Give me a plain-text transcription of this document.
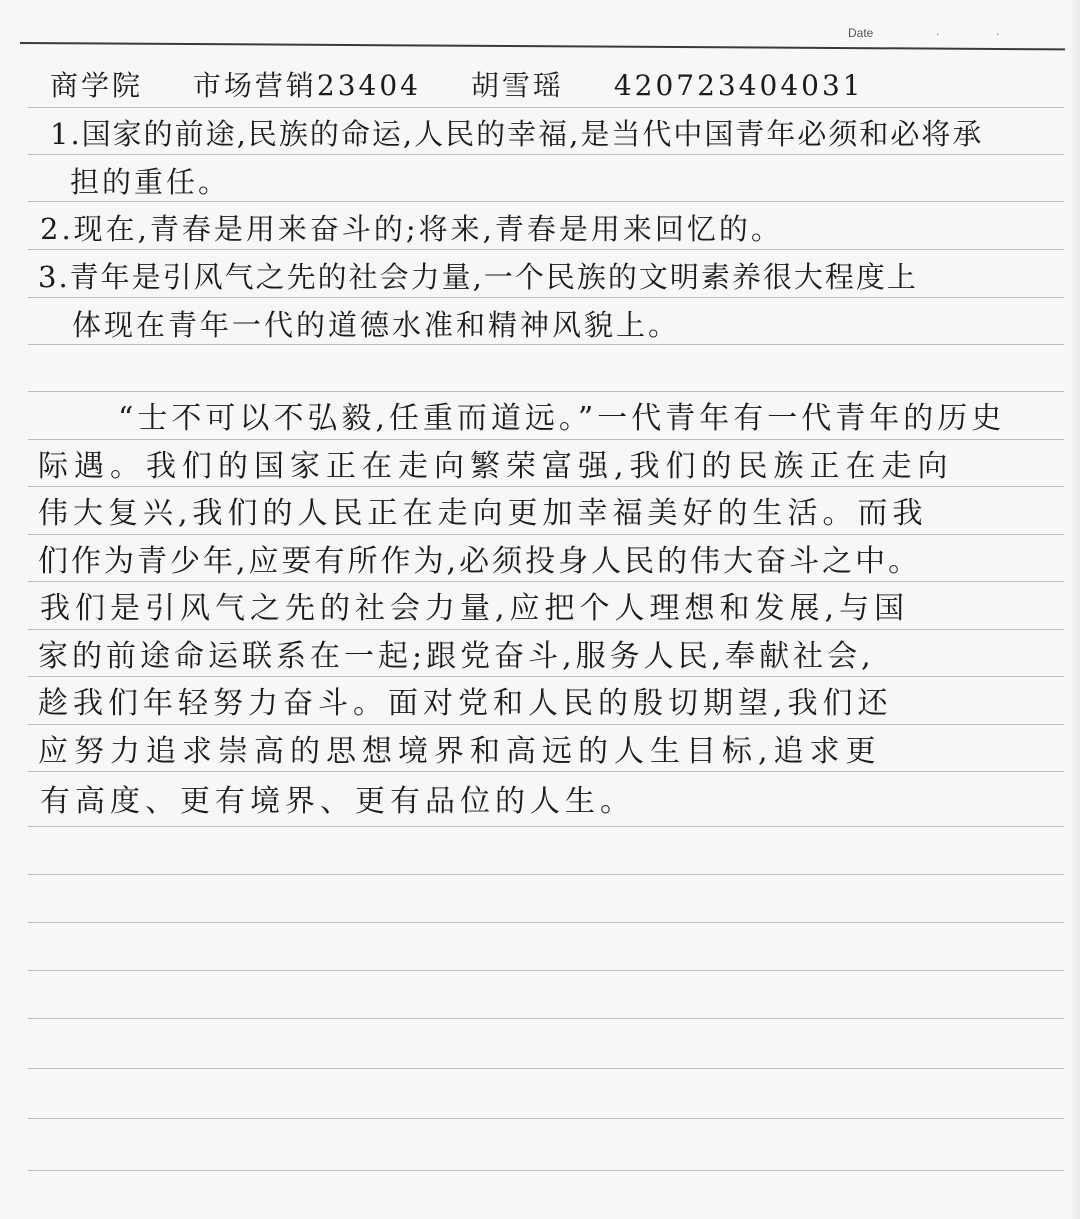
Date	.	.
商学院 市场营销23404 胡雪瑶 420723404031
1.国家的前途,民族的命运,人民的幸福,是当代中国青年必须和必将承
担的重任。
2.现在,青春是用来奋斗的;将来,青春是用来回忆的。
3.青年是引风气之先的社会力量,一个民族的文明素养很大程度上
体现在青年一代的道德水准和精神风貌上。
“士不可以不弘毅,任重而道远。”一代青年有一代青年的历史
际遇。我们的国家正在走向繁荣富强,我们的民族正在走向
伟大复兴,我们的人民正在走向更加幸福美好的生活。而我
们作为青少年,应要有所作为,必须投身人民的伟大奋斗之中。
我们是引风气之先的社会力量,应把个人理想和发展,与国
家的前途命运联系在一起;跟党奋斗,服务人民,奉献社会,
趁我们年轻努力奋斗。面对党和人民的殷切期望,我们还
应努力追求崇高的思想境界和高远的人生目标,追求更
有高度、更有境界、更有品位的人生。
